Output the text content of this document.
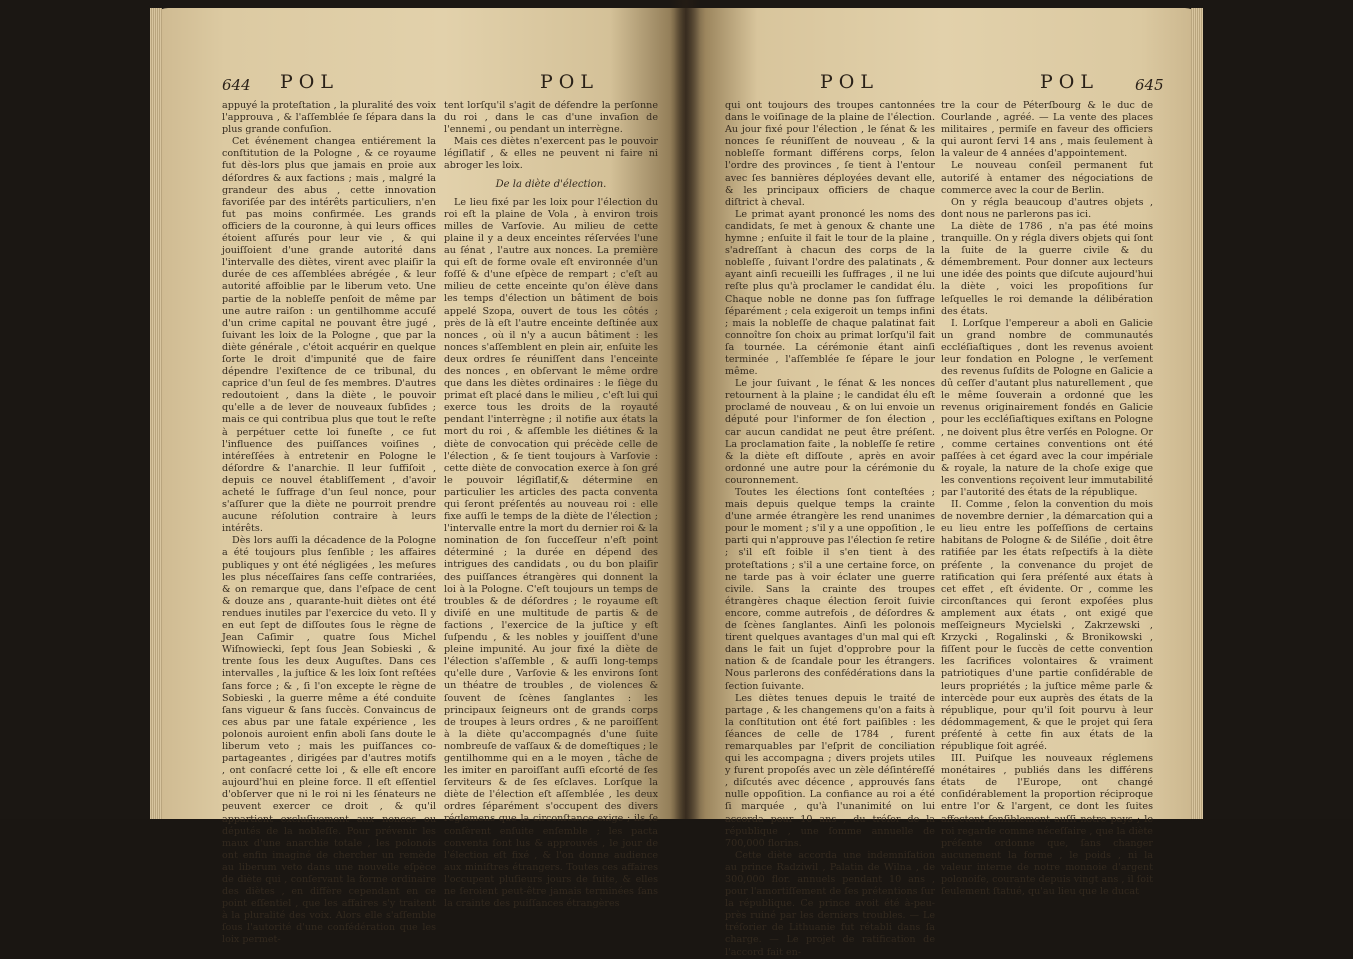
644 POL	POL

appuyé la proteſtation , la pluralité des voix l'approuva , & l'aſſemblée ſe ſépara dans la plus grande confuſion.

Cet événement changea entiérement la conſtitution de la Pologne , & ce royaume fut dès-lors plus que jamais en proie aux déſordres & aux factions ; mais , malgré la grandeur des abus , cette innovation favoriſée par des intérêts particuliers, n'en fut pas moins confirmée. Les grands officiers de la couronne, à qui leurs offices étoient aſſurés pour leur vie , & qui jouiſſoient d'une grande autorité dans l'intervalle des diètes, virent avec plaiſir la durée de ces aſſemblées abrégée , & leur autorité affoiblie par le liberum veto. Une partie de la nobleſſe penſoit de même par une autre raiſon : un gentilhomme accuſé d'un crime capital ne pouvant être jugé , ſuivant les loix de la Pologne , que par la diète générale , c'étoit acquérir en quelque ſorte le droit d'impunité que de faire dépendre l'exiſtence de ce tribunal, du caprice d'un ſeul de ſes membres. D'autres redoutoient , dans la diète , le pouvoir qu'elle a de lever de nouveaux ſubſides ; mais ce qui contribua plus que tout le reſte à perpétuer cette loi funeſte , ce fut l'influence des puiſſances voiſines , intéreſſées à entretenir en Pologne le déſordre & l'anarchie. Il leur ſuffiſoit , depuis ce nouvel établiſſement , d'avoir acheté le ſuffrage d'un ſeul nonce, pour s'aſſurer que la diète ne pourroit prendre aucune réſolution contraire à leurs intérêts.

Dès lors auſſi la décadence de la Pologne a été toujours plus ſenſible ; les affaires publiques y ont été négligées , les meſures les plus néceſſaires ſans ceſſe contrariées, & on remarque que, dans l'eſpace de cent & douze ans , quarante-huit diètes ont été rendues inutiles par l'exercice du veto. Il y en eut ſept de diſſoutes ſous le règne de Jean Caſimir , quatre ſous Michel Wiſnowiecki, ſept ſous Jean Sobieski , & trente ſous les deux Auguſtes. Dans ces intervalles , la juſtice & les loix ſont reſtées ſans force ; & , ſi l'on excepte le règne de Sobieski , la guerre même a été conduite ſans vigueur & ſans ſuccès. Convaincus de ces abus par une fatale expérience , les polonois auroient enfin aboli ſans doute le liberum veto ; mais les puiſſances co-partageantes , dirigées par d'autres motifs , ont conſacré cette loi , & elle eſt encore aujourd'hui en pleine force. Il eſt eſſentiel d'obſerver que ni le roi ni les ſénateurs ne peuvent exercer ce droit , & qu'il appartient excluſivement aux nonces ou députés de la nobleſſe. Pour prévenir les maux d'une anarchie totale , les polonois ont enfin imaginé de chercher un remède au liberum veto dans une nouvelle eſpèce de diète qui , conſervant la forme ordinaire des diètes , en diffère cependant en ce point eſſentiel , que les affaires s'y traitent à la pluralité des voix. Alors elle s'aſſemble ſous l'autorité d'une confédération que les loix permet-

tent lorſqu'il s'agit de défendre la perſonne du roi , dans le cas d'une invaſion de l'ennemi , ou pendant un interrègne.

Mais ces diètes n'exercent pas le pouvoir légiſlatif , & elles ne peuvent ni faire ni abroger les loix.

De la diète d'élection.

Le lieu fixé par les loix pour l'élection du roi eſt la plaine de Vola , à environ trois milles de Varſovie. Au milieu de cette plaine il y a deux enceintes réſervées l'une au ſénat , l'autre aux nonces. La première qui eſt de forme ovale eſt environnée d'un foſſé & d'une eſpèce de rempart ; c'eſt au milieu de cette enceinte qu'on élève dans les temps d'élection un bâtiment de bois appelé Szopa, ouvert de tous les côtés ; près de là eſt l'autre enceinte deſtinée aux nonces , où il n'y a aucun bâtiment : les nonces s'aſſemblent en plein air, enſuite les deux ordres ſe réuniſſent dans l'enceinte des nonces , en obſervant le même ordre que dans les diètes ordinaires : le ſiège du primat eſt placé dans le milieu , c'eſt lui qui exerce tous les droits de la royauté pendant l'interrègne ; il notifie aux états la mort du roi , & aſſemble les diétines & la diète de convocation qui précède celle de l'élection , & ſe tient toujours à Varſovie : cette diète de convocation exerce à ſon gré le pouvoir légiſlatif,& détermine en particulier les articles des pacta conventa qui ſeront préſentés au nouveau roi : elle fixe auſſi le temps de la diète de l'élection ; l'intervalle entre la mort du dernier roi & la nomination de ſon ſucceſſeur n'eſt point déterminé ; la durée en dépend des intrigues des candidats , ou du bon plaiſir des puiſſances étrangères qui donnent la loi à la Pologne. C'eſt toujours un temps de troubles & de déſordres ; le royaume eſt diviſé en une multitude de partis & de factions , l'exercice de la juſtice y eſt ſuſpendu , & les nobles y jouiſſent d'une pleine impunité. Au jour fixé la diète de l'élection s'aſſemble , & auſſi long-temps qu'elle dure , Varſovie & les environs ſont un théatre de troubles , de violences & ſouvent de ſcènes ſanglantes : les principaux ſeigneurs ont de grands corps de troupes à leurs ordres , & ne paroiſſent à la diète qu'accompagnés d'une ſuite nombreuſe de vaſſaux & de domeſtiques ; le gentilhomme qui en a le moyen , tâche de les imiter en paroiſſant auſſi eſcorté de ſes ſerviteurs & de ſes eſclaves. Lorſque la diète de l'élection eſt aſſemblée , les deux ordres ſéparément s'occupent des divers réglemens que la circonſtance exige ; ils ſe conſèrent enſuite enſemble ; les pacta conventa ſont lus & approuvés , le jour de l'élection eſt fixé , & l'on donne audience aux miniſtres étrangers. Toutes ces affaires l'occupent pluſieurs jours de ſuite, & elles ne ſeroient peut-être jamais terminées ſans la crainte des puiſſances étrangères

POL	POL 645

qui ont toujours des troupes cantonnées dans le voiſinage de la plaine de l'élection. Au jour fixé pour l'élection , le ſénat & les nonces ſe réuniſſent de nouveau , & la nobleſſe formant différens corps, ſelon l'ordre des provinces , ſe tient à l'entour avec ſes bannières déployées devant elle, & les principaux officiers de chaque diſtrict à cheval.

Le primat ayant prononcé les noms des candidats, ſe met à genoux & chante une hymne ; enſuite il fait le tour de la plaine , s'adreſſant à chacun des corps de la nobleſſe , ſuivant l'ordre des palatinats , & ayant ainſi recueilli les ſuffrages , il ne lui reſte plus qu'à proclamer le candidat élu. Chaque noble ne donne pas ſon ſuffrage ſéparément ; cela exigeroit un temps infini ; mais la nobleſſe de chaque palatinat fait connoître ſon choix au primat lorſqu'il fait ſa tournée. La cérémonie étant ainſi terminée , l'aſſemblée ſe ſépare le jour même.

Le jour ſuivant , le ſénat & les nonces retournent à la plaine ; le candidat élu eſt proclamé de nouveau , & on lui envoie un député pour l'informer de ſon élection , car aucun candidat ne peut être préſent. La proclamation faite , la nobleſſe ſe retire & la diète eſt diſſoute , après en avoir ordonné une autre pour la cérémonie du couronnement.

Toutes les élections ſont conteſtées ; mais depuis quelque temps la crainte d'une armée étrangère les rend unanimes pour le moment ; s'il y a une oppoſition , le parti qui n'approuve pas l'élection ſe retire ; s'il eſt foible il s'en tient à des proteſtations ; s'il a une certaine force, on ne tarde pas à voir éclater une guerre civile. Sans la crainte des troupes étrangères chaque élection ſeroit ſuivie encore, comme autrefois , de déſordres & de ſcènes ſanglantes. Ainſi les polonois tirent quelques avantages d'un mal qui eſt dans le fait un ſujet d'opprobre pour la nation & de ſcandale pour les étrangers. Nous parlerons des confédérations dans la ſection ſuivante.

Les diètes tenues depuis le traité de partage , & les changemens qu'on a faits à la conſtitution ont été fort paiſibles : les ſéances de celle de 1784 , furent remarquables par l'eſprit de conciliation qui les accompagna ; divers projets utiles y furent propoſés avec un zèle déſintéreſſé , diſcutés avec décence , approuvés ſans nulle oppoſition. La confiance au roi a été ſi marquée , qu'à l'unanimité on lui accorda pour 10 ans , du tréſor de la république , une ſomme annuelle de 700,000 florins.

Cette diète accorda une indemniſation au prince Radziwil , Palatin de Wilna , de 300,000 flor. annuels pendant 10 ans , pour l'amortiſſement de ſes prétentions ſur la république. Ce prince avoit été à-peu-près ruiné par les derniers troubles. — Le tréſorier de Lithuanie fut rétabli dans ſa charge. — Le projet de ratification de l'accord fait en-

tre la cour de Péterſbourg & le duc de Courlande , agréé. — La vente des places militaires , permiſe en faveur des officiers qui auront ſervi 14 ans , mais ſeulement à la valeur de 4 années d'appointement.

Le nouveau conſeil permanent fut autoriſé à entamer des négociations de commerce avec la cour de Berlin.

On y régla beaucoup d'autres objets , dont nous ne parlerons pas ici.

La diète de 1786 , n'a pas été moins tranquille. On y régla divers objets qui ſont la ſuite de la guerre civile & du démembrement. Pour donner aux lecteurs une idée des points que diſcute aujourd'hui la diète , voici les propoſitions ſur leſquelles le roi demande la délibération des états.

I. Lorſque l'empereur a aboli en Galicie un grand nombre de communautés eccléſiaſtiques , dont les revenus avoient leur fondation en Pologne , le verſement des revenus ſuſdits de Pologne en Galicie a dû ceſſer d'autant plus naturellement , que le même ſouverain a ordonné que les revenus originairement fondés en Galicie pour les eccléſiaſtiques exiſtans en Pologne , ne doivent plus être verſés en Pologne. Or , comme certaines conventions ont été paſſées à cet égard avec la cour impériale & royale, la nature de la choſe exige que les conventions reçoivent leur immutabilité par l'autorité des états de la république.

II. Comme , ſelon la convention du mois de novembre dernier , la démarcation qui a eu lieu entre les poſſeſſions de certains habitans de Pologne & de Siléſie , doit être ratifiée par les états reſpectifs à la diète préſente , la convenance du projet de ratification qui ſera préſenté aux états à cet effet , eſt évidente. Or , comme les circonſtances qui ſeront expoſées plus amplement aux états , ont exigé que meſſeigneurs Mycielski , Zakrzewski , Krzycki , Rogalinski , & Bronikowski , fiſſent pour le ſuccès de cette convention les ſacrifices volontaires & vraiment patriotiques d'une partie conſidérable de leurs propriétés ; la juſtice même parle & intercède pour eux auprès des états de la république, pour qu'il ſoit pourvu à leur dédommagement, & que le projet qui ſera préſenté à cette fin aux états de la république ſoit agréé.

III. Puiſque les nouveaux réglemens monétaires , publiés dans les différens états de l'Europe, ont changé conſidérablement la proportion réciproque entre l'or & l'argent, ce dont les ſuites affectent ſenſiblement auſſi notre pays ; le roi regarde comme néceſſaire , que la diète préſente ordonne que, ſans changer aucunement la forme , le poids , ni la valeur interne de notre monnoie d'argent polonoiſe, courante depuis vingt ans , il ſoit ſeulement ſtatué, qu'au lieu que le ducat
